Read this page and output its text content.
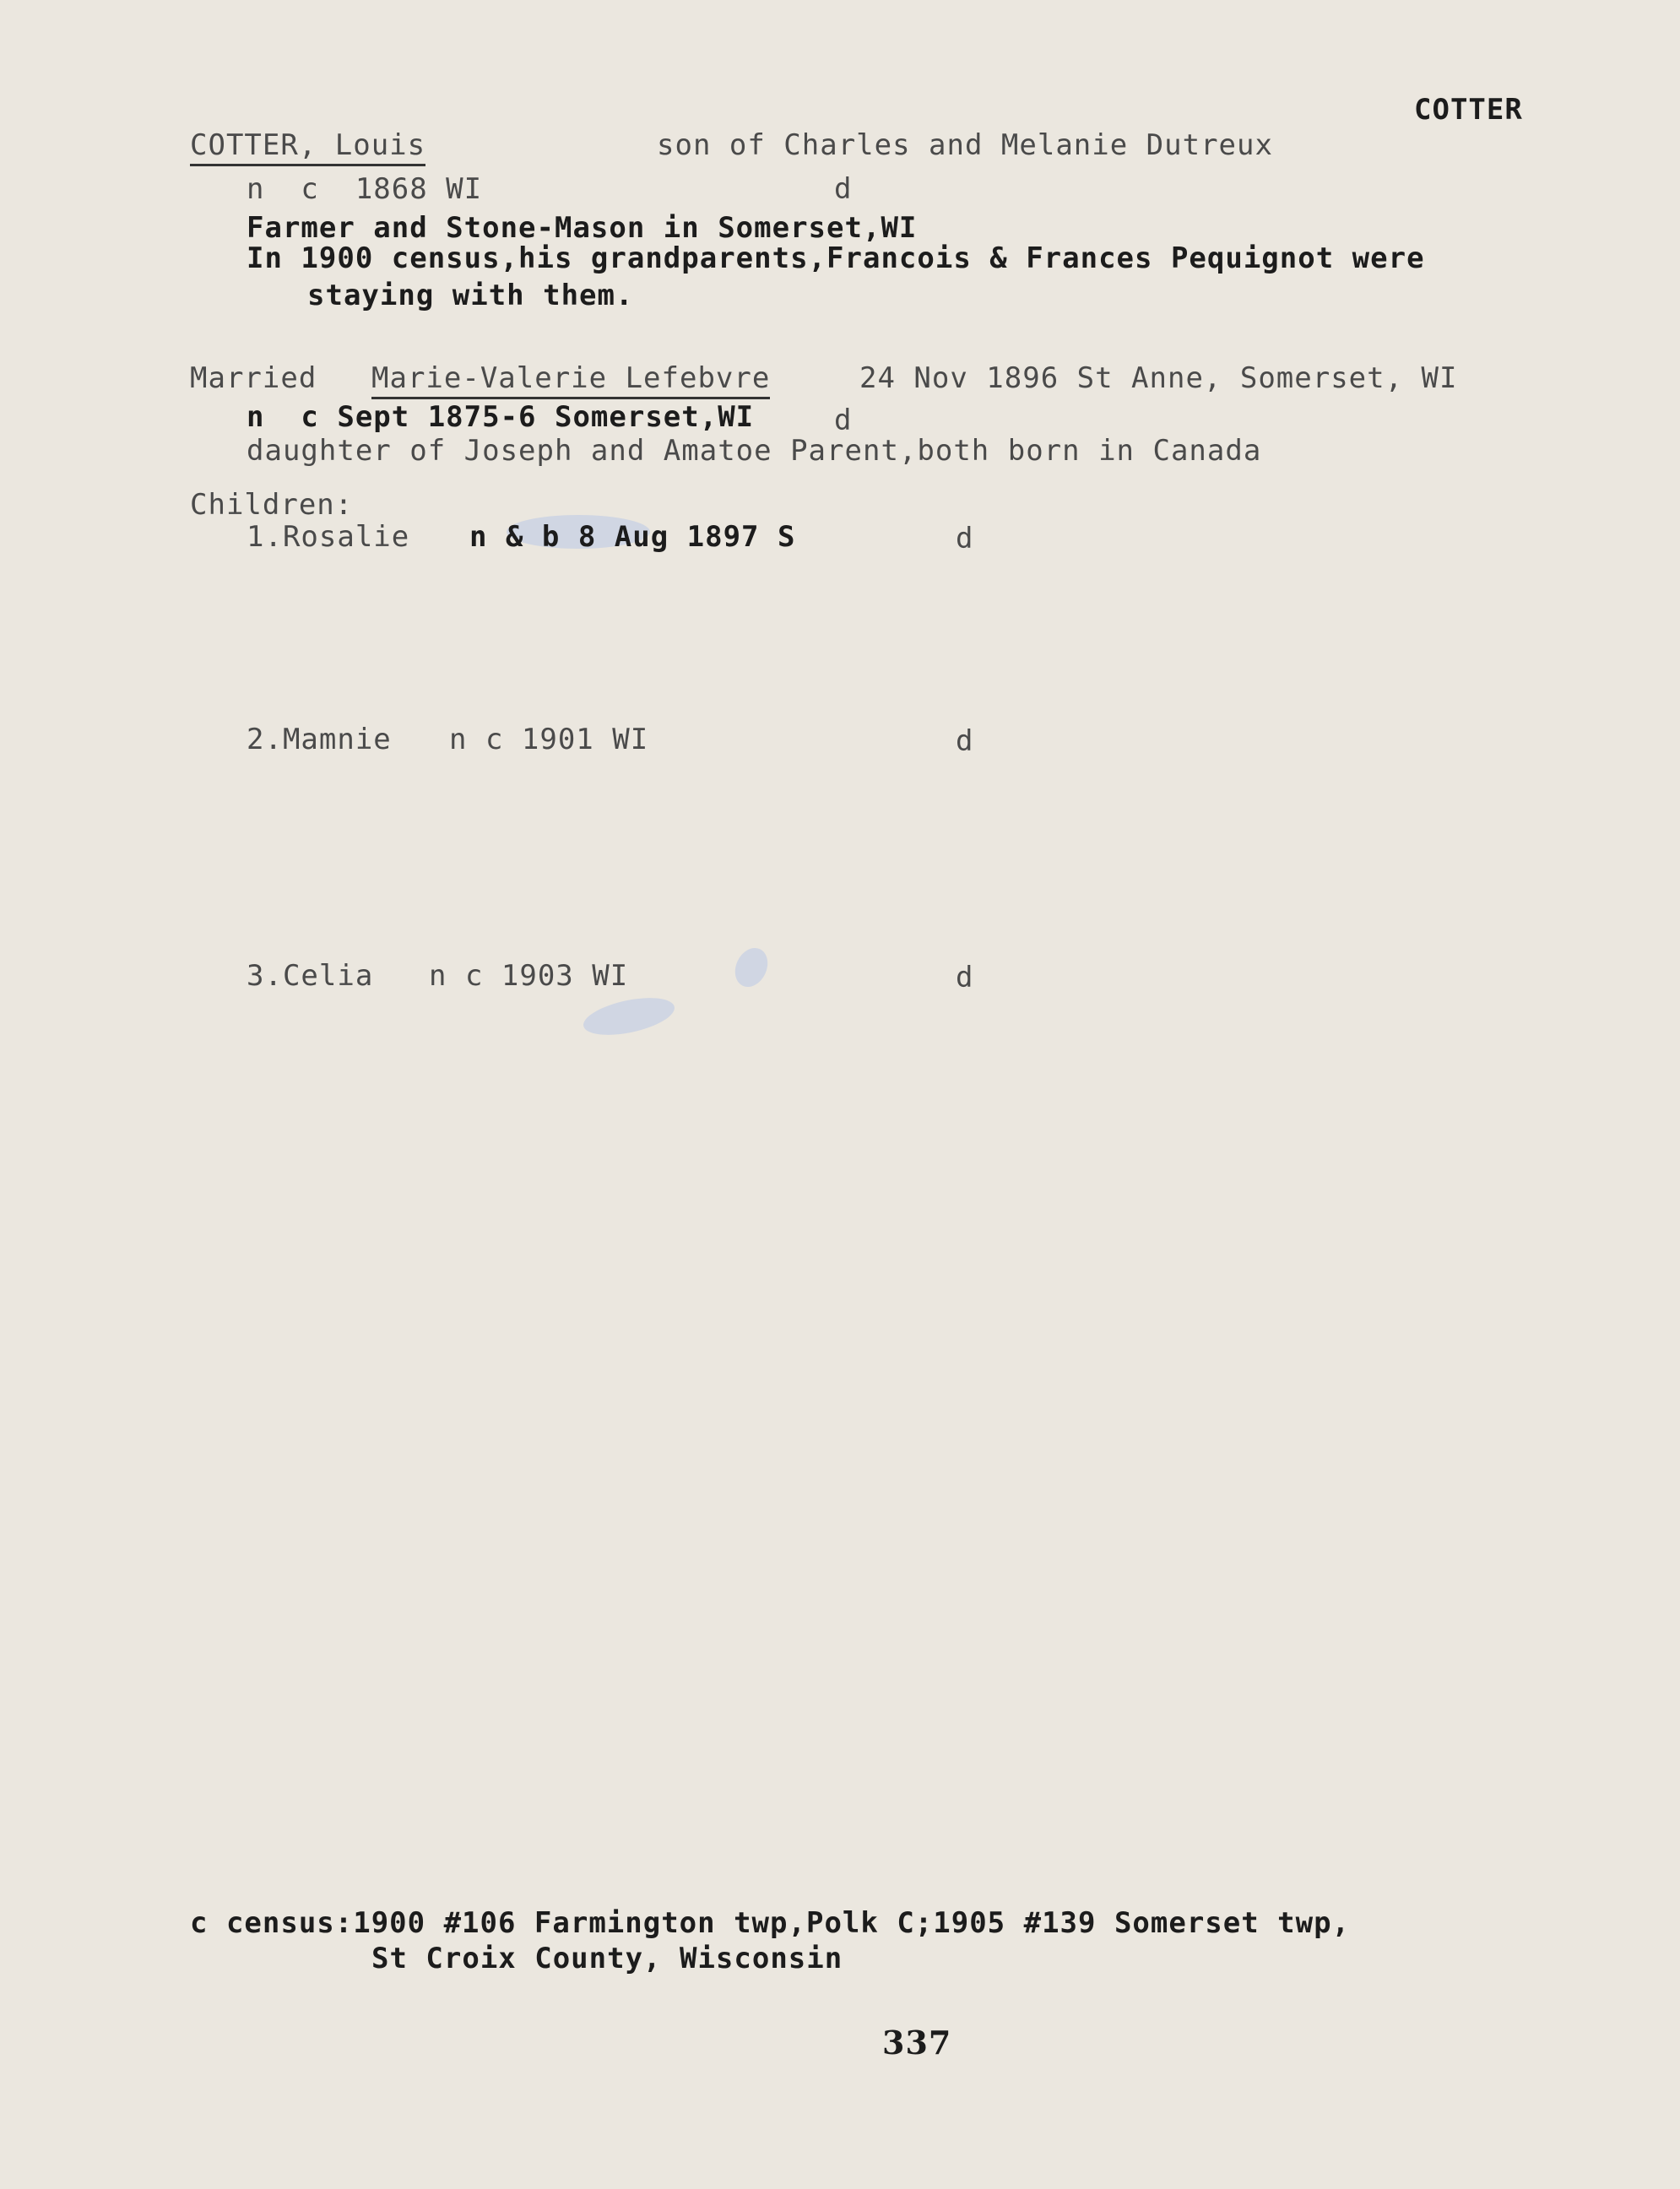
COTTER
COTTER, Louis	son of Charles and Melanie Dutreux
n  c  1868 WI	d
Farmer and Stone-Mason in Somerset,WI
In 1900 census,his grandparents,Francois & Frances Pequignot were
staying with them.
Married Marie-Valerie Lefebvre	24 Nov 1896 St Anne, Somerset, WI
n  c Sept 1875-6 Somerset,WI	d
daughter of Joseph and Amatoe Parent,both born in Canada
Children:
1.Rosalie n & b 8 Aug 1897 S	d
2.Mamnie n c 1901 WI	d
3.Celia n c 1903 WI	d
c census:1900 #106 Farmington twp,Polk C;1905 #139 Somerset twp,
St Croix County, Wisconsin
337
